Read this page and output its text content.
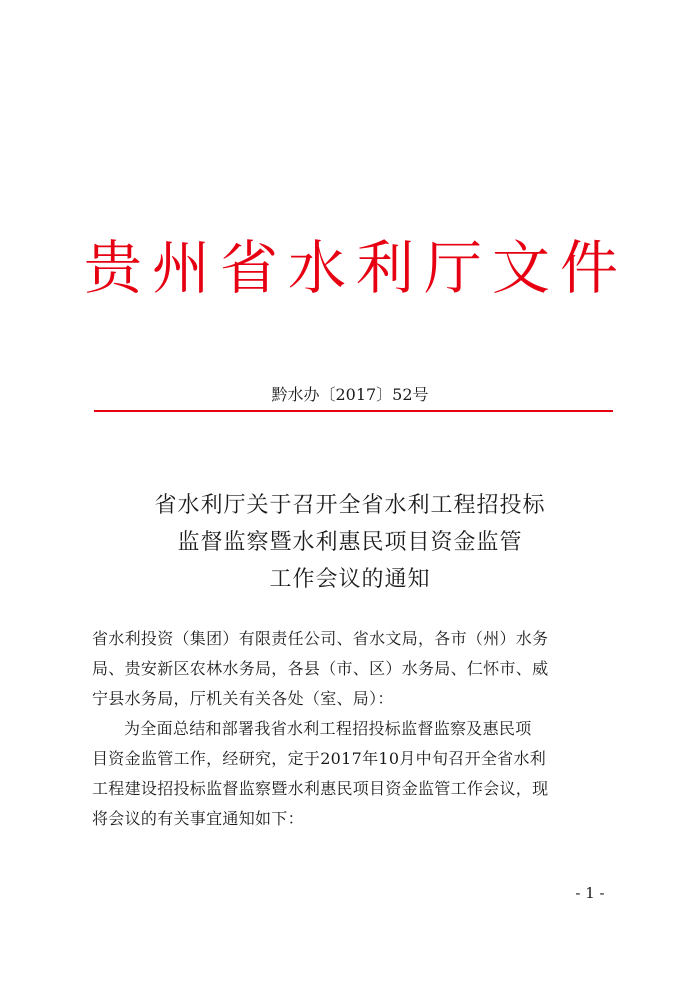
贵州省水利厅文件
黔水办〔2017〕52号
省水利厅关于召开全省水利工程招投标
监督监察暨水利惠民项目资金监管
工作会议的通知
省水利投资（集团）有限责任公司、省水文局，各市（州）水务
局、贵安新区农林水务局，各县（市、区）水务局、仁怀市、威
宁县水务局，厅机关有关各处（室、局）：
为全面总结和部署我省水利工程招投标监督监察及惠民项
目资金监管工作，经研究，定于2017年10月中旬召开全省水利
工程建设招投标监督监察暨水利惠民项目资金监管工作会议，现
将会议的有关事宜通知如下：
- 1 -
